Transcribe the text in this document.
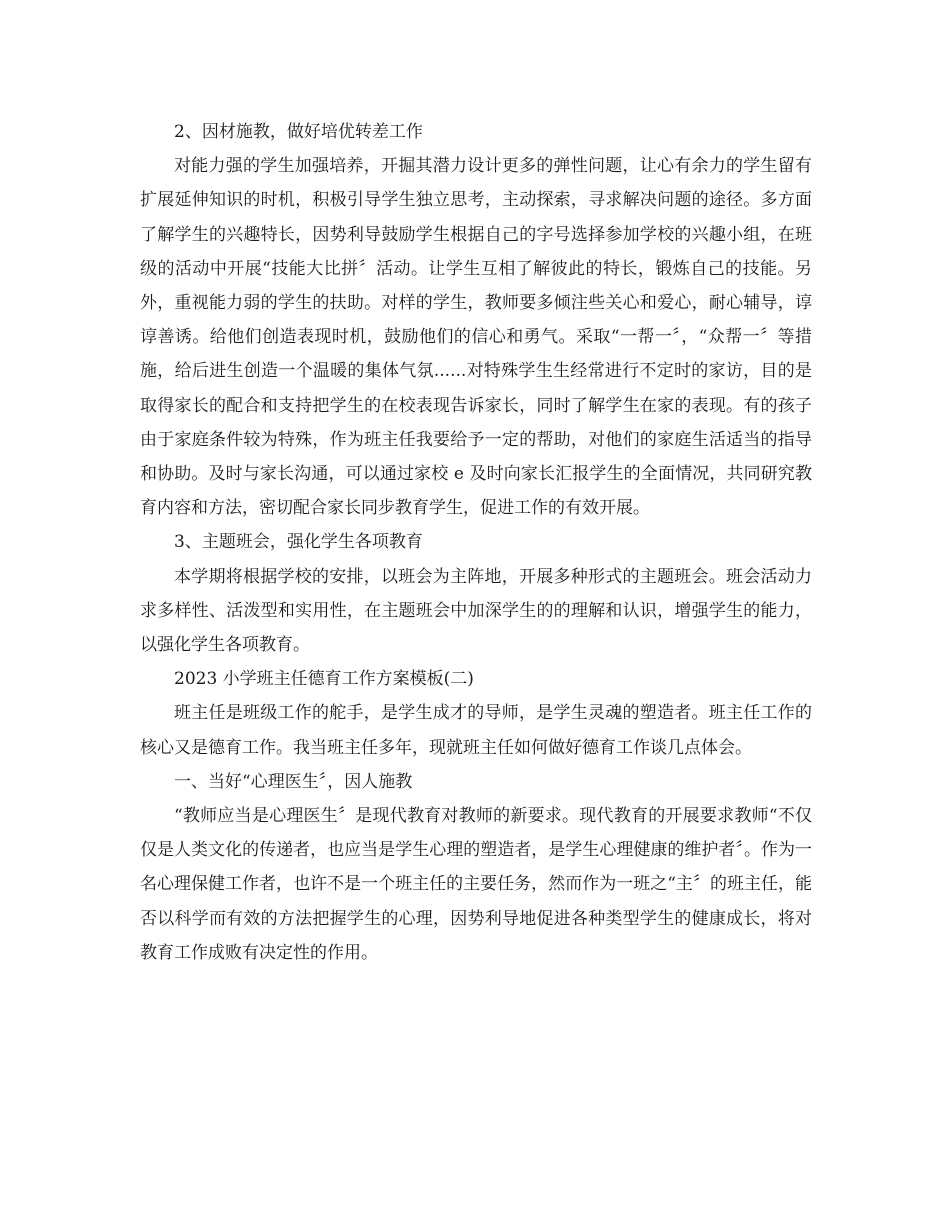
2、因材施教，做好培优转差工作

对能力强的学生加强培养，开掘其潜力设计更多的弹性问题，让心有余力的学生留有扩展延伸知识的时机，积极引导学生独立思考，主动探索，寻求解决问题的途径。多方面了解学生的兴趣特长，因势利导鼓励学生根据自己的字号选择参加学校的兴趣小组，在班级的活动中开展“技能大比拼〞活动。让学生互相了解彼此的特长，锻炼自己的技能。另外，重视能力弱的学生的扶助。对样的学生，教师要多倾注些关心和爱心，耐心辅导，谆谆善诱。给他们创造表现时机，鼓励他们的信心和勇气。采取“一帮一〞，“众帮一〞等措施，给后进生创造一个温暖的集体气氛......对特殊学生生经常进行不定时的家访，目的是取得家长的配合和支持把学生的在校表现告诉家长，同时了解学生在家的表现。有的孩子由于家庭条件较为特殊，作为班主任我要给予一定的帮助，对他们的家庭生活适当的指导和协助。及时与家长沟通，可以通过家校 e 及时向家长汇报学生的全面情况，共同研究教育内容和方法，密切配合家长同步教育学生，促进工作的有效开展。

3、主题班会，强化学生各项教育

本学期将根据学校的安排，以班会为主阵地，开展多种形式的主题班会。班会活动力求多样性、活泼型和实用性，在主题班会中加深学生的的理解和认识，增强学生的能力，以强化学生各项教育。

2023 小学班主任德育工作方案模板(二)

班主任是班级工作的舵手，是学生成才的导师，是学生灵魂的塑造者。班主任工作的核心又是德育工作。我当班主任多年，现就班主任如何做好德育工作谈几点体会。

一、当好“心理医生〞，因人施教

“教师应当是心理医生〞是现代教育对教师的新要求。现代教育的开展要求教师“不仅仅是人类文化的传递者，也应当是学生心理的塑造者，是学生心理健康的维护者〞。作为一名心理保健工作者，也许不是一个班主任的主要任务，然而作为一班之“主〞的班主任，能否以科学而有效的方法把握学生的心理，因势利导地促进各种类型学生的健康成长，将对教育工作成败有决定性的作用。
